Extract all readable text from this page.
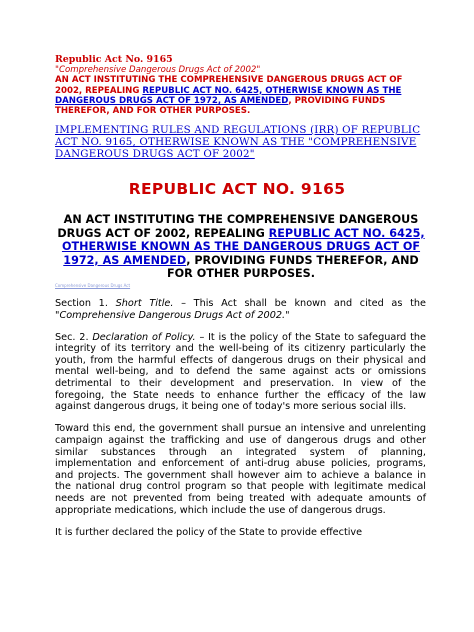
Republic Act No. 9165
"Comprehensive Dangerous Drugs Act of 2002"
AN ACT INSTITUTING THE COMPREHENSIVE DANGEROUS DRUGS ACT OF 2002, REPEALING REPUBLIC ACT NO. 6425, OTHERWISE KNOWN AS THE DANGEROUS DRUGS ACT OF 1972, AS AMENDED, PROVIDING FUNDS THEREFOR, AND FOR OTHER PURPOSES.
IMPLEMENTING RULES AND REGULATIONS (IRR) OF REPUBLIC ACT NO. 9165, OTHERWISE KNOWN AS THE "COMPREHENSIVE DANGEROUS DRUGS ACT OF 2002"
REPUBLIC ACT NO. 9165
AN ACT INSTITUTING THE COMPREHENSIVE DANGEROUS DRUGS ACT OF 2002, REPEALING REPUBLIC ACT NO. 6425, OTHERWISE KNOWN AS THE DANGEROUS DRUGS ACT OF 1972, AS AMENDED, PROVIDING FUNDS THEREFOR, AND FOR OTHER PURPOSES.
Comprehensive Dangerous Drugs Act

Section 1. Short Title. – This Act shall be known and cited as the "Comprehensive Dangerous Drugs Act of 2002."

Sec. 2. Declaration of Policy. – It is the policy of the State to safeguard the integrity of its territory and the well-being of its citizenry particularly the youth, from the harmful effects of dangerous drugs on their physical and mental well-being, and to defend the same against acts or omissions detrimental to their development and preservation. In view of the foregoing, the State needs to enhance further the efficacy of the law against dangerous drugs, it being one of today's more serious social ills.

Toward this end, the government shall pursue an intensive and unrelenting campaign against the trafficking and use of dangerous drugs and other similar substances through an integrated system of planning, implementation and enforcement of anti-drug abuse policies, programs, and projects. The government shall however aim to achieve a balance in the national drug control program so that people with legitimate medical needs are not prevented from being treated with adequate amounts of appropriate medications, which include the use of dangerous drugs.

It is further declared the policy of the State to provide effective
